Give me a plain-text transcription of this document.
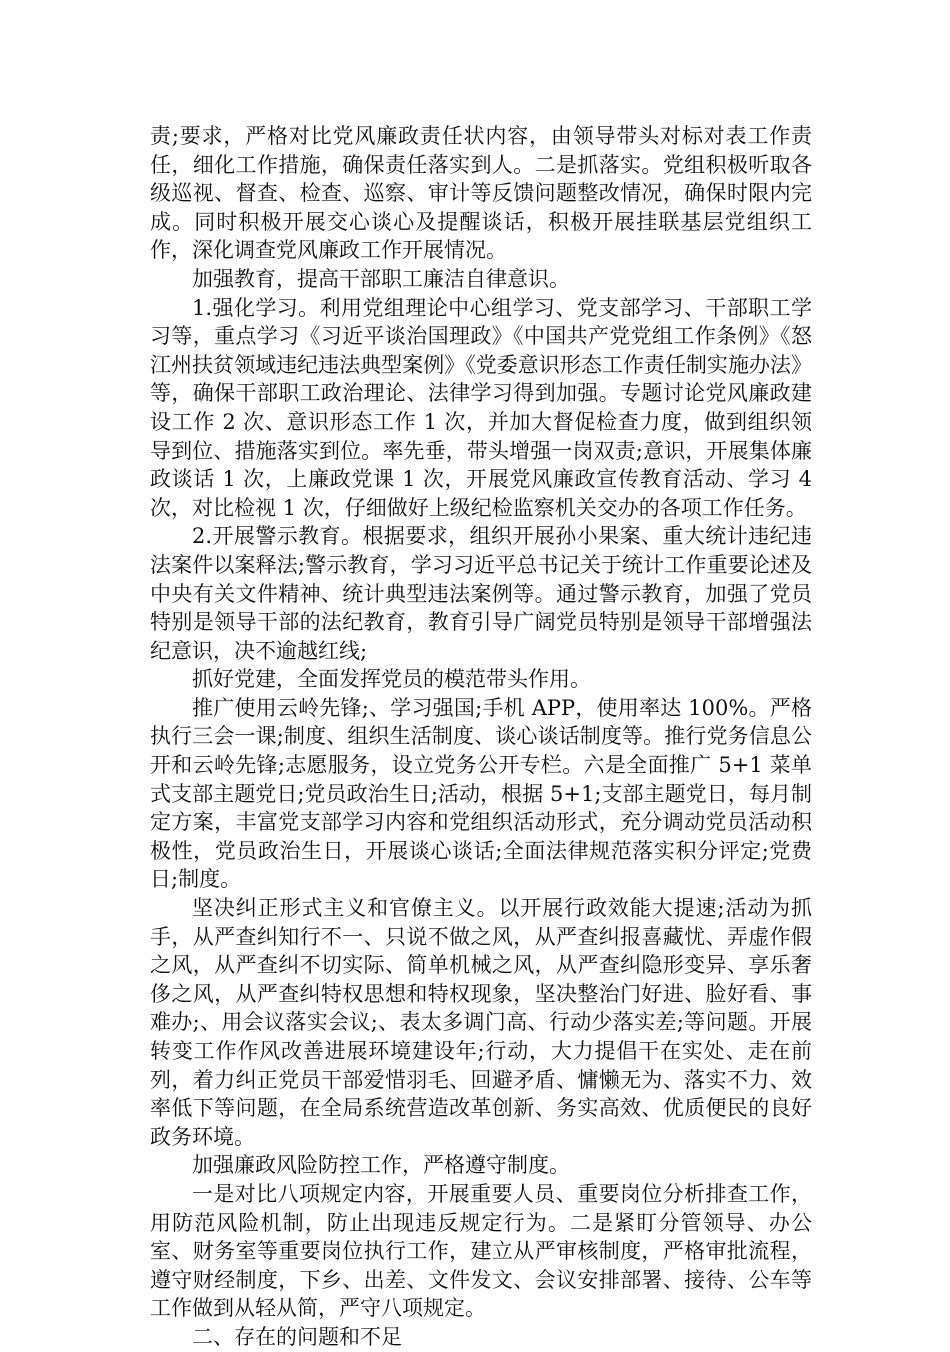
责;要求，严格对比党风廉政责任状内容，由领导带头对标对表工作责任，细化工作措施，确保责任落实到人。二是抓落实。党组积极听取各级巡视、督查、检查、巡察、审计等反馈问题整改情况，确保时限内完成。同时积极开展交心谈心及提醒谈话，积极开展挂联基层党组织工作，深化调查党风廉政工作开展情况。

加强教育，提高干部职工廉洁自律意识。

1.强化学习。利用党组理论中心组学习、党支部学习、干部职工学习等，重点学习《习近平谈治国理政》《中国共产党党组工作条例》《怒江州扶贫领域违纪违法典型案例》《党委意识形态工作责任制实施办法》等，确保干部职工政治理论、法律学习得到加强。专题讨论党风廉政建设工作 2 次、意识形态工作 1 次，并加大督促检查力度，做到组织领导到位、措施落实到位。率先垂，带头增强一岗双责;意识，开展集体廉政谈话 1 次，上廉政党课 1 次，开展党风廉政宣传教育活动、学习 4 次，对比检视 1 次，仔细做好上级纪检监察机关交办的各项工作任务。

2.开展警示教育。根据要求，组织开展孙小果案、重大统计违纪违法案件以案释法;警示教育，学习习近平总书记关于统计工作重要论述及中央有关文件精神、统计典型违法案例等。通过警示教育，加强了党员特别是领导干部的法纪教育，教育引导广阔党员特别是领导干部增强法纪意识，决不逾越红线;

抓好党建，全面发挥党员的模范带头作用。

推广使用云岭先锋;、学习强国;手机 APP，使用率达 100%。严格执行三会一课;制度、组织生活制度、谈心谈话制度等。推行党务信息公开和云岭先锋;志愿服务，设立党务公开专栏。六是全面推广 5+1 菜单式支部主题党日;党员政治生日;活动，根据 5+1;支部主题党日，每月制定方案，丰富党支部学习内容和党组织活动形式，充分调动党员活动积极性，党员政治生日，开展谈心谈话;全面法律规范落实积分评定;党费日;制度。

坚决纠正形式主义和官僚主义。以开展行政效能大提速;活动为抓手，从严查纠知行不一、只说不做之风，从严查纠报喜藏忧、弄虚作假之风，从严查纠不切实际、简单机械之风，从严查纠隐形变异、享乐奢侈之风，从严查纠特权思想和特权现象，坚决整治门好进、脸好看、事难办;、用会议落实会议;、表太多调门高、行动少落实差;等问题。开展转变工作作风改善进展环境建设年;行动，大力提倡干在实处、走在前列，着力纠正党员干部爱惜羽毛、回避矛盾、慵懒无为、落实不力、效率低下等问题，在全局系统营造改革创新、务实高效、优质便民的良好政务环境。

加强廉政风险防控工作，严格遵守制度。

一是对比八项规定内容，开展重要人员、重要岗位分析排查工作，用防范风险机制，防止出现违反规定行为。二是紧盯分管领导、办公室、财务室等重要岗位执行工作，建立从严审核制度，严格审批流程，遵守财经制度，下乡、出差、文件发文、会议安排部署、接待、公车等工作做到从轻从简，严守八项规定。

二、存在的问题和不足
